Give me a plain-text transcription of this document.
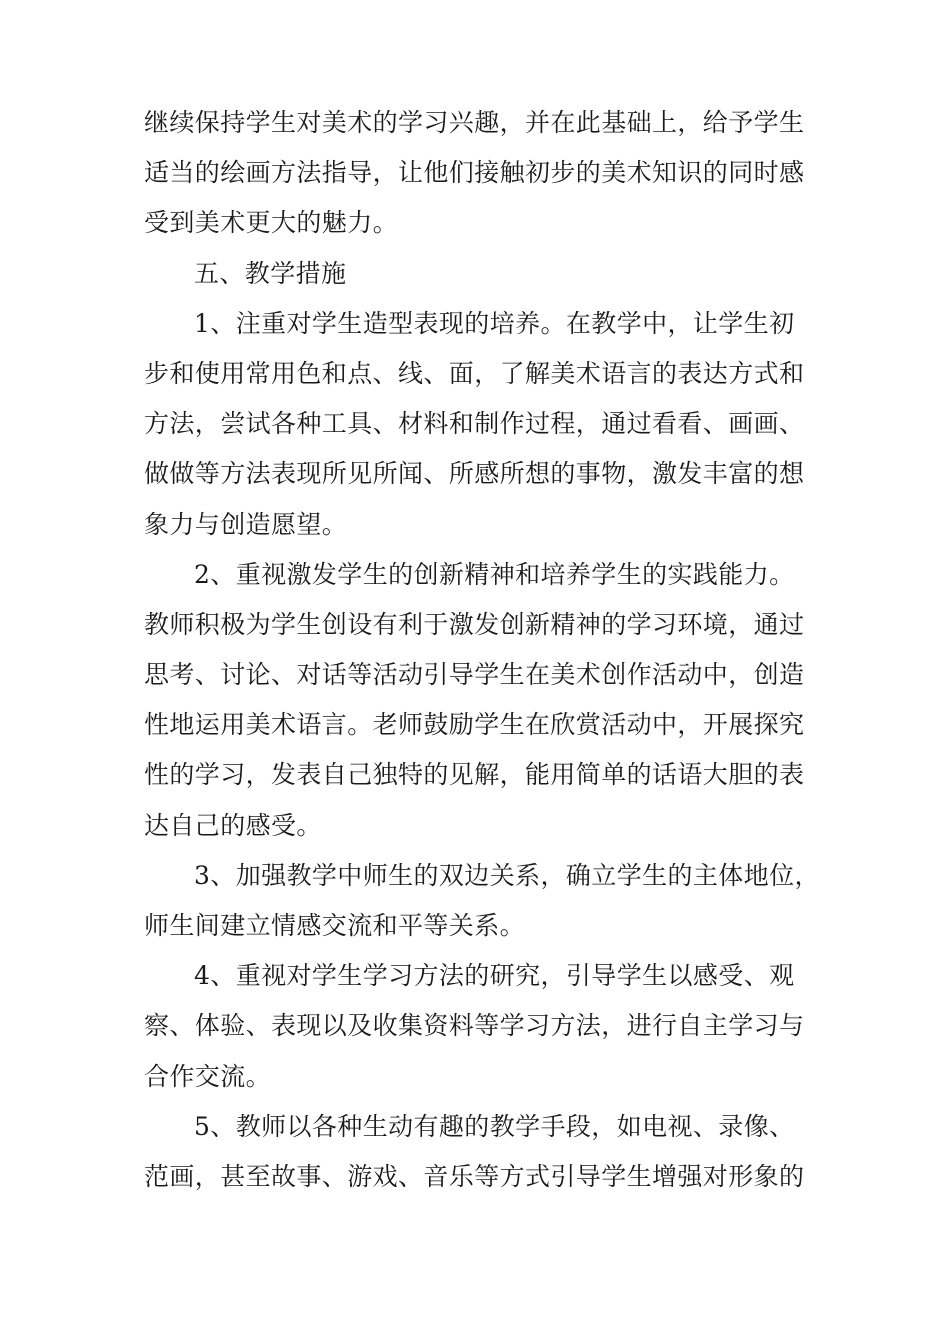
继续保持学生对美术的学习兴趣，并在此基础上，给予学生
适当的绘画方法指导，让他们接触初步的美术知识的同时感
受到美术更大的魅力。
五、教学措施
1、注重对学生造型表现的培养。在教学中，让学生初
步和使用常用色和点、线、面，了解美术语言的表达方式和
方法，尝试各种工具、材料和制作过程，通过看看、画画、
做做等方法表现所见所闻、所感所想的事物，激发丰富的想
象力与创造愿望。
2、重视激发学生的创新精神和培养学生的实践能力。
教师积极为学生创设有利于激发创新精神的学习环境，通过
思考、讨论、对话等活动引导学生在美术创作活动中，创造
性地运用美术语言。老师鼓励学生在欣赏活动中，开展探究
性的学习，发表自己独特的见解，能用简单的话语大胆的表
达自己的感受。
3、加强教学中师生的双边关系，确立学生的主体地位，
师生间建立情感交流和平等关系。
4、重视对学生学习方法的研究，引导学生以感受、观
察、体验、表现以及收集资料等学习方法，进行自主学习与
合作交流。
5、教师以各种生动有趣的教学手段，如电视、录像、
范画，甚至故事、游戏、音乐等方式引导学生增强对形象的
